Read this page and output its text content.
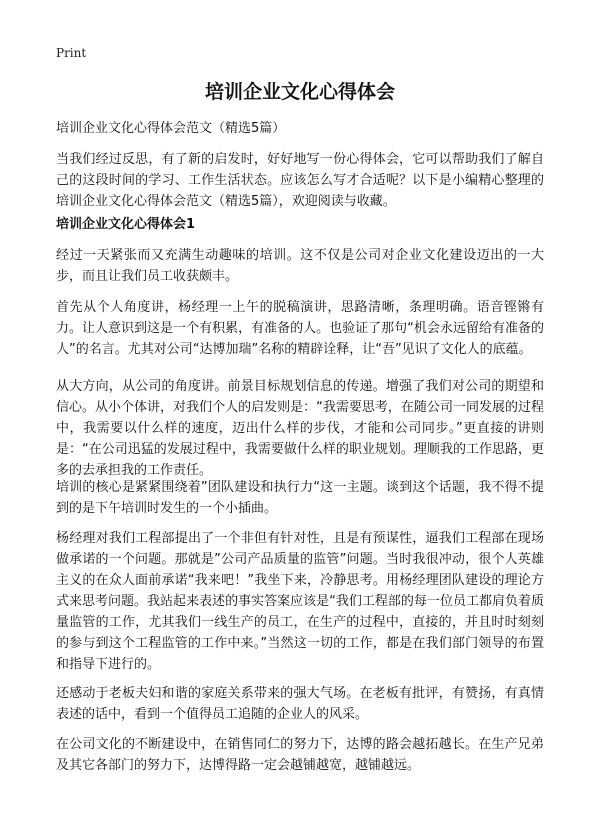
Print
培训企业文化心得体会

培训企业文化心得体会范文（精选5篇）

当我们经过反思，有了新的启发时，好好地写一份心得体会，它可以帮助我们了解自己的这段时间的学习、工作生活状态。应该怎么写才合适呢？以下是小编精心整理的培训企业文化心得体会范文（精选5篇），欢迎阅读与收藏。

培训企业文化心得体会1

经过一天紧张而又充满生动趣味的培训。这不仅是公司对企业文化建设迈出的一大步，而且让我们员工收获颇丰。

首先从个人角度讲，杨经理一上午的脱稿演讲，思路清晰，条理明确。语音铿锵有力。让人意识到这是一个有积累，有准备的人。也验证了那句“机会永远留给有准备的人”的名言。尤其对公司“达博加瑞”名称的精辟诠释，让“吾”见识了文化人的底蕴。

从大方向，从公司的角度讲。前景目标规划信息的传递。增强了我们对公司的期望和信心。从小个体讲，对我们个人的启发则是：“我需要思考，在随公司一同发展的过程中，我需要以什么样的速度，迈出什么样的步伐，才能和公司同步。”更直接的讲则是：“在公司迅猛的发展过程中，我需要做什么样的职业规划。理顺我的工作思路，更多的去承担我的工作责任。

培训的核心是紧紧围绕着”团队建设和执行力“这一主题。谈到这个话题，我不得不提到的是下午培训时发生的一个小插曲。

杨经理对我们工程部提出了一个非但有针对性，且是有预谋性，逼我们工程部在现场做承诺的一个问题。那就是”公司产品质量的监管”问题。当时我很冲动，很个人英雄主义的在众人面前承诺“我来吧！”我坐下来，冷静思考。用杨经理团队建设的理论方式来思考问题。我站起来表述的事实答案应该是“我们工程部的每一位员工都肩负着质量监管的工作，尤其我们一线生产的员工，在生产的过程中，直接的，并且时时刻刻的参与到这个工程监管的工作中来。”当然这一切的工作，都是在我们部门领导的布置和指导下进行的。

还感动于老板夫妇和谐的家庭关系带来的强大气场。在老板有批评，有赞扬，有真情表述的话中，看到一个值得员工追随的企业人的风采。

在公司文化的不断建设中，在销售同仁的努力下，达博的路会越拓越长。在生产兄弟及其它各部门的努力下，达博得路一定会越铺越宽，越铺越远。
